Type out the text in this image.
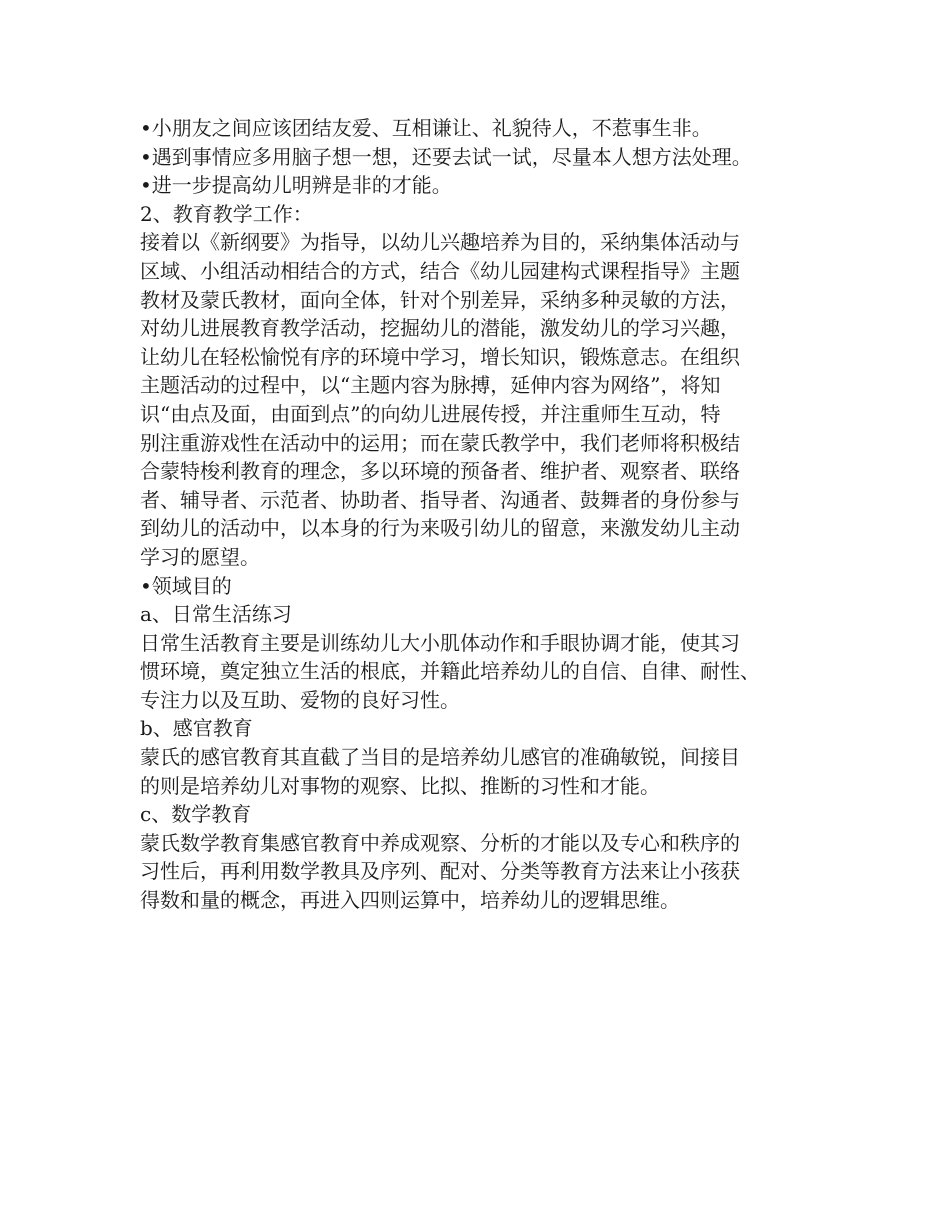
•小朋友之间应该团结友爱、互相谦让、礼貌待人，不惹事生非。
•遇到事情应多用脑子想一想，还要去试一试，尽量本人想方法处理。
•进一步提高幼儿明辨是非的才能。
2、教育教学工作：
接着以《新纲要》为指导，以幼儿兴趣培养为目的，采纳集体活动与
区域、小组活动相结合的方式，结合《幼儿园建构式课程指导》主题
教材及蒙氏教材，面向全体，针对个别差异，采纳多种灵敏的方法，
对幼儿进展教育教学活动，挖掘幼儿的潜能，激发幼儿的学习兴趣，
让幼儿在轻松愉悦有序的环境中学习，增长知识，锻炼意志。在组织
主题活动的过程中，以“主题内容为脉搏，延伸内容为网络”，将知
识“由点及面，由面到点”的向幼儿进展传授，并注重师生互动，特
别注重游戏性在活动中的运用；而在蒙氏教学中，我们老师将积极结
合蒙特梭利教育的理念，多以环境的预备者、维护者、观察者、联络
者、辅导者、示范者、协助者、指导者、沟通者、鼓舞者的身份参与
到幼儿的活动中，以本身的行为来吸引幼儿的留意，来激发幼儿主动
学习的愿望。
•领域目的
a、日常生活练习
日常生活教育主要是训练幼儿大小肌体动作和手眼协调才能，使其习
惯环境，奠定独立生活的根底，并籍此培养幼儿的自信、自律、耐性、
专注力以及互助、爱物的良好习性。
b、感官教育
蒙氏的感官教育其直截了当目的是培养幼儿感官的准确敏锐，间接目
的则是培养幼儿对事物的观察、比拟、推断的习性和才能。
c、数学教育
蒙氏数学教育集感官教育中养成观察、分析的才能以及专心和秩序的
习性后，再利用数学教具及序列、配对、分类等教育方法来让小孩获
得数和量的概念，再进入四则运算中，培养幼儿的逻辑思维。
